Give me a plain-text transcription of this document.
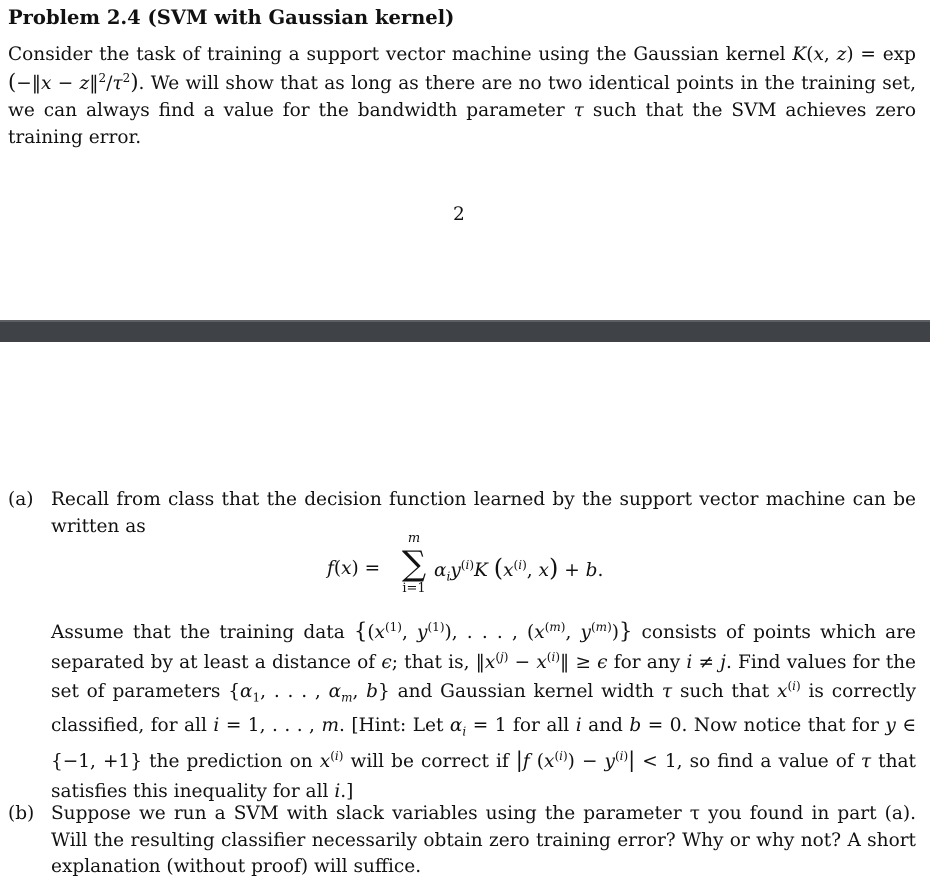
Problem 2.4 (SVM with Gaussian kernel)
Consider the task of training a support vector machine using the Gaussian kernel K(x, z) = exp (−‖x − $z‖^2/\tau^2$). We will show that as long as there are no two identical points in the training set, we can always find a value for the bandwidth parameter τ such that the SVM achieves zero training error.
2
(a) Recall from class that the decision function learned by the support vector machine can be written as
f(x) =
m
∑
i=1
$\alpha_iy^{(i)}K$ ($x^{(i)}$, x) + b.
Assume that the training data {($x^{(1)}$, $y^{(1)}$), . . . , ($x^{(m)}$, $y^{(m)}$)} consists of points which are separated by at least a distance of ϵ; that is, $‖x^{(j)}$ − $x^{(i)}‖ \ge \epsilon$ for any i ≠ j. Find values for the set of parameters {$\alpha_1$, . . . , $\alpha_m$, b} and Gaussian kernel width τ such that $x^{(i)}$ is correctly classified, for all i = 1, . . . , m. [Hint: Let $\alpha_i = 1$ for all i and b = 0. Now notice that for y ∈ {−1, +1} the prediction on $x^{(i)}$ will be correct if |f $(x^{(i)}) - y^{(i)}| < 1$, so find a value of τ that satisfies this inequality for all i.]
(b) Suppose we run a SVM with slack variables using the parameter τ you found in part (a). Will the resulting classifier necessarily obtain zero training error? Why or why not? A short explanation (without proof) will suffice.
